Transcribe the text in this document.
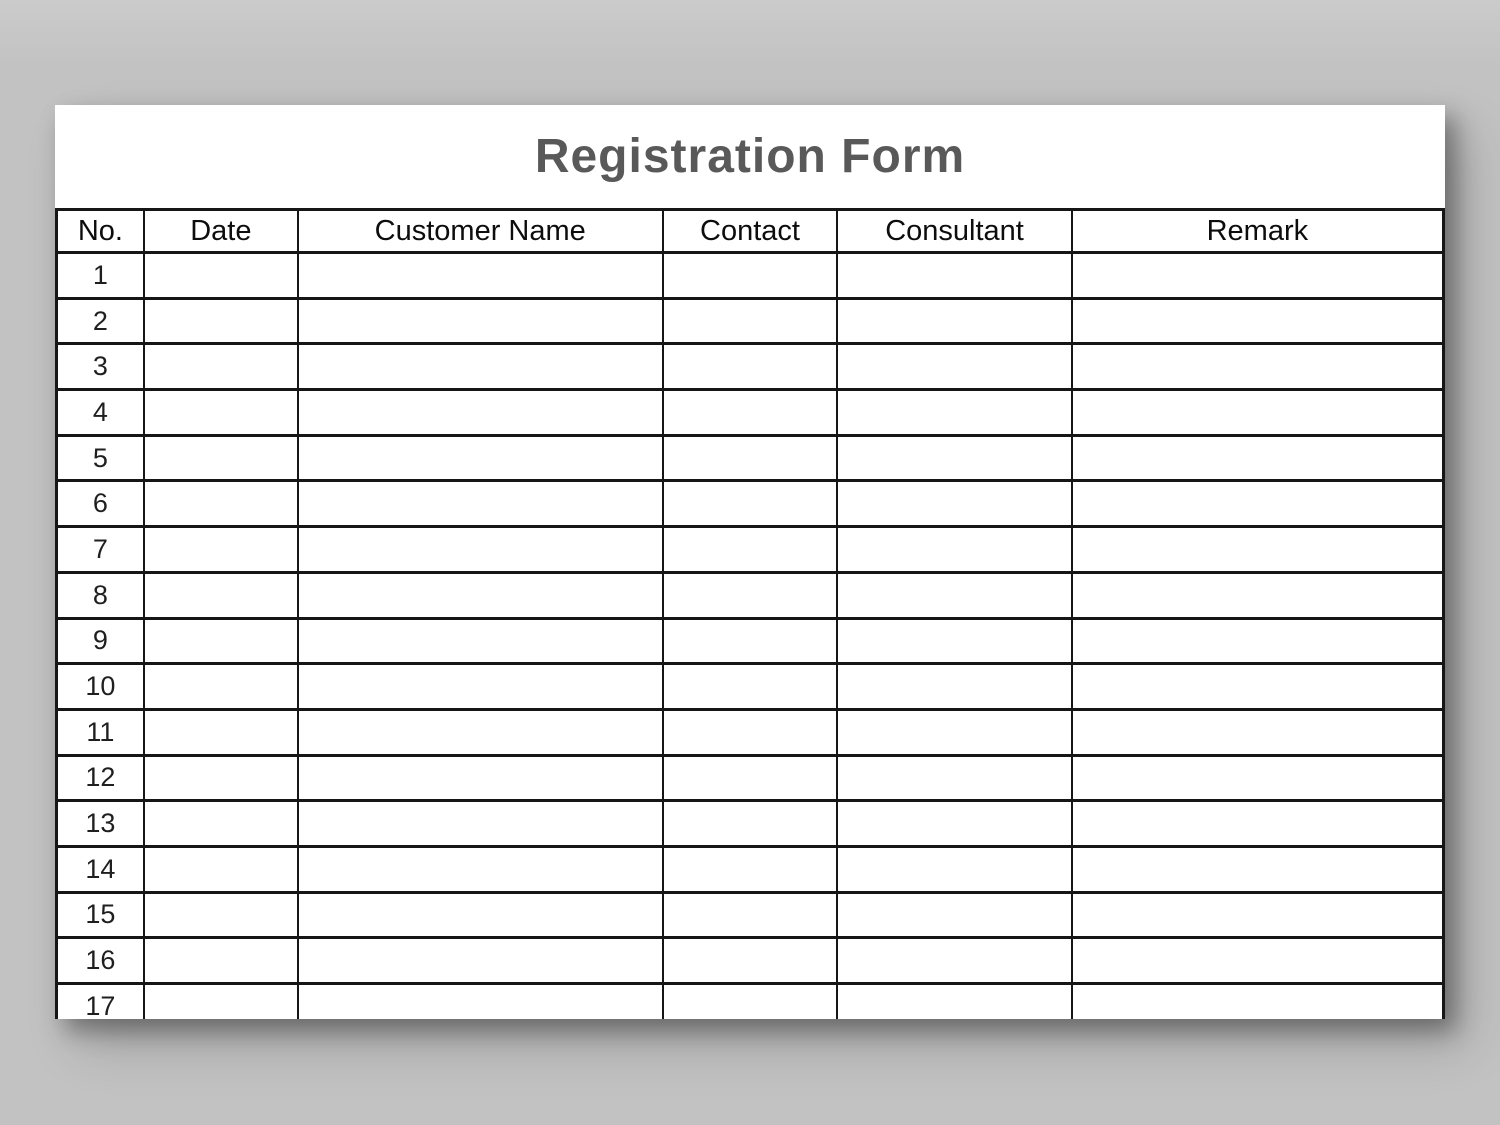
Registration Form
No.	Date	Customer Name	Contact	Consultant	Remark
1					
2					
3					
4					
5					
6					
7					
8					
9					
10					
11					
12					
13					
14					
15					
16					
17					
